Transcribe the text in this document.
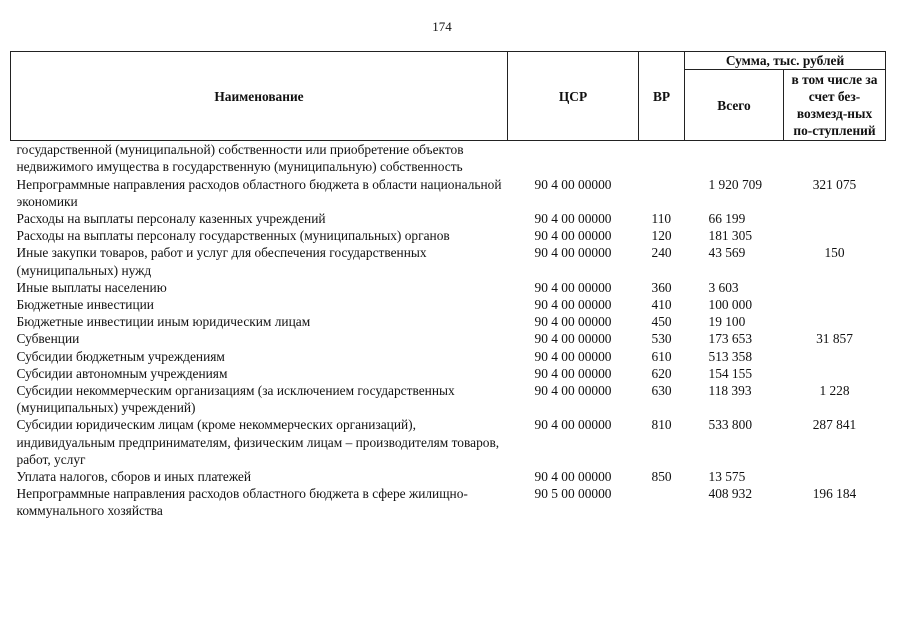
174
Наименование	ЦСР	ВР	Сумма, тыс. рублей	
			Всего	в том числе за счет без-возмезд-ных по-ступлений
государственной (муниципальной) собственности или приобретение объектов недвижимого имущества в государственную (муниципальную) собственность				
Непрограммные направления расходов областного бюджета в области национальной экономики	90 4 00 00000		1 920 709	321 075
Расходы на выплаты персоналу казенных учреждений	90 4 00 00000	110	66 199	
Расходы на выплаты персоналу государственных (муниципальных) органов	90 4 00 00000	120	181 305	
Иные закупки товаров, работ и услуг для обеспечения государственных (муниципальных) нужд	90 4 00 00000	240	43 569	150
Иные выплаты населению	90 4 00 00000	360	3 603	
Бюджетные инвестиции	90 4 00 00000	410	100 000	
Бюджетные инвестиции иным юридическим лицам	90 4 00 00000	450	19 100	
Субвенции	90 4 00 00000	530	173 653	31 857
Субсидии бюджетным учреждениям	90 4 00 00000	610	513 358	
Субсидии автономным учреждениям	90 4 00 00000	620	154 155	
Субсидии некоммерческим организациям (за исключением государственных (муниципальных) учреждений)	90 4 00 00000	630	118 393	1 228
Субсидии юридическим лицам (кроме некоммерческих организаций), индивидуальным предпринимателям, физическим лицам – производителям товаров, работ, услуг	90 4 00 00000	810	533 800	287 841
Уплата налогов, сборов и иных платежей	90 4 00 00000	850	13 575	
Непрограммные направления расходов областного бюджета в сфере жилищно-коммунального хозяйства	90 5 00 00000		408 932	196 184
